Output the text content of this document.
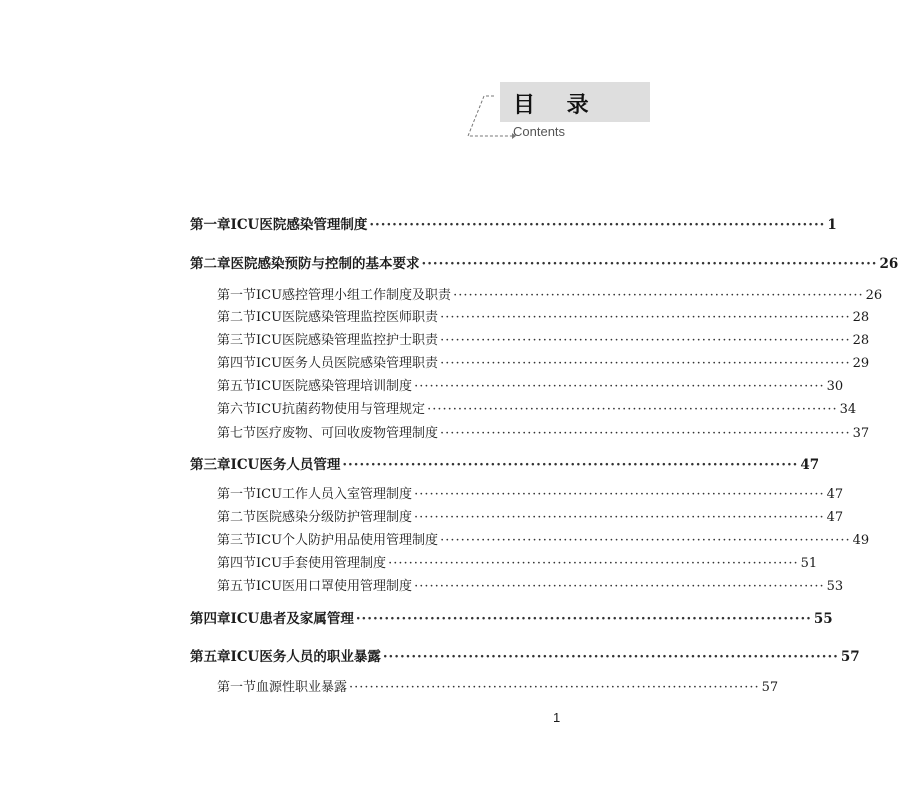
目 录
Contents
第一章 ICU医院感染管理制度 ················································································ 1
第二章 医院感染预防与控制的基本要求 ················································································ 26
第一节 ICU感控管理小组工作制度及职责 ················································································ 26
第二节 ICU医院感染管理监控医师职责 ················································································ 28
第三节 ICU医院感染管理监控护士职责 ················································································ 28
第四节 ICU医务人员医院感染管理职责 ················································································ 29
第五节 ICU医院感染管理培训制度 ················································································ 30
第六节 ICU抗菌药物使用与管理规定 ················································································ 34
第七节 医疗废物、可回收废物管理制度 ················································································ 37
第三章 ICU医务人员管理 ················································································ 47
第一节 ICU工作人员入室管理制度 ················································································ 47
第二节 医院感染分级防护管理制度 ················································································ 47
第三节 ICU个人防护用品使用管理制度 ················································································ 49
第四节 ICU手套使用管理制度 ················································································ 51
第五节 ICU医用口罩使用管理制度 ················································································ 53
第四章 ICU患者及家属管理 ················································································ 55
第五章 ICU医务人员的职业暴露 ················································································ 57
第一节 血源性职业暴露 ················································································ 57
1
